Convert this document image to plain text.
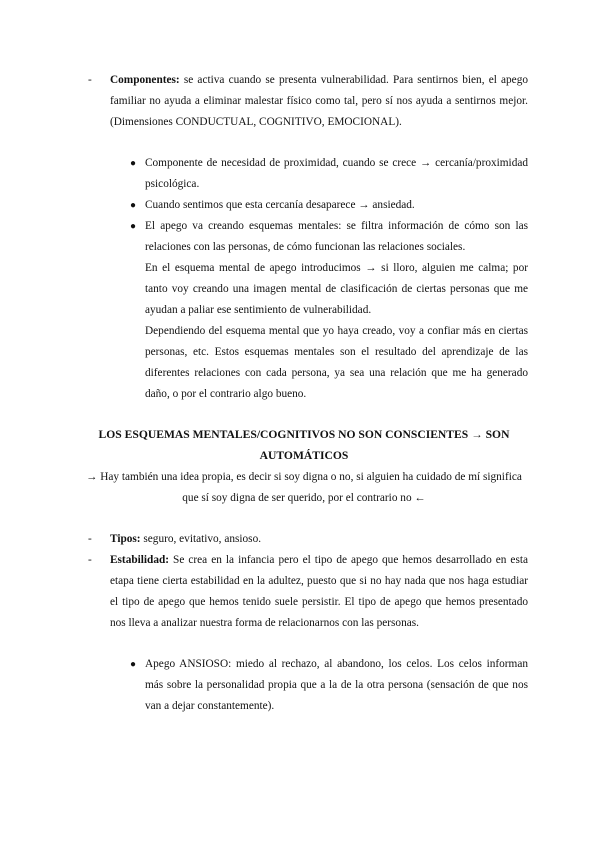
- Componentes: se activa cuando se presenta vulnerabilidad. Para sentirnos bien, el apego familiar no ayuda a eliminar malestar físico como tal, pero sí nos ayuda a sentirnos mejor. (Dimensiones CONDUCTUAL, COGNITIVO, EMOCIONAL).
● Componente de necesidad de proximidad, cuando se crece → cercanía/proximidad psicológica.

● Cuando sentimos que esta cercanía desaparece → ansiedad.

● El apego va creando esquemas mentales: se filtra información de cómo son las relaciones con las personas, de cómo funcionan las relaciones sociales.

En el esquema mental de apego introducimos → si lloro, alguien me calma; por tanto voy creando una imagen mental de clasificación de ciertas personas que me ayudan a paliar ese sentimiento de vulnerabilidad.

Dependiendo del esquema mental que yo haya creado, voy a confiar más en ciertas personas, etc. Estos esquemas mentales son el resultado del aprendizaje de las diferentes relaciones con cada persona, ya sea una relación que me ha generado daño, o por el contrario algo bueno.

LOS ESQUEMAS MENTALES/COGNITIVOS NO SON CONSCIENTES → SON AUTOMÁTICOS
→ Hay también una idea propia, es decir si soy digna o no, si alguien ha cuidado de mí significa que sí soy digna de ser querido, por el contrario no ←
- Tipos: seguro, evitativo, ansioso.
- Estabilidad: Se crea en la infancia pero el tipo de apego que hemos desarrollado en esta etapa tiene cierta estabilidad en la adultez, puesto que si no hay nada que nos haga estudiar el tipo de apego que hemos tenido suele persistir. El tipo de apego que hemos presentado nos lleva a analizar nuestra forma de relacionarnos con las personas.
● Apego ANSIOSO: miedo al rechazo, al abandono, los celos. Los celos informan más sobre la personalidad propia que a la de la otra persona (sensación de que nos van a dejar constantemente).
